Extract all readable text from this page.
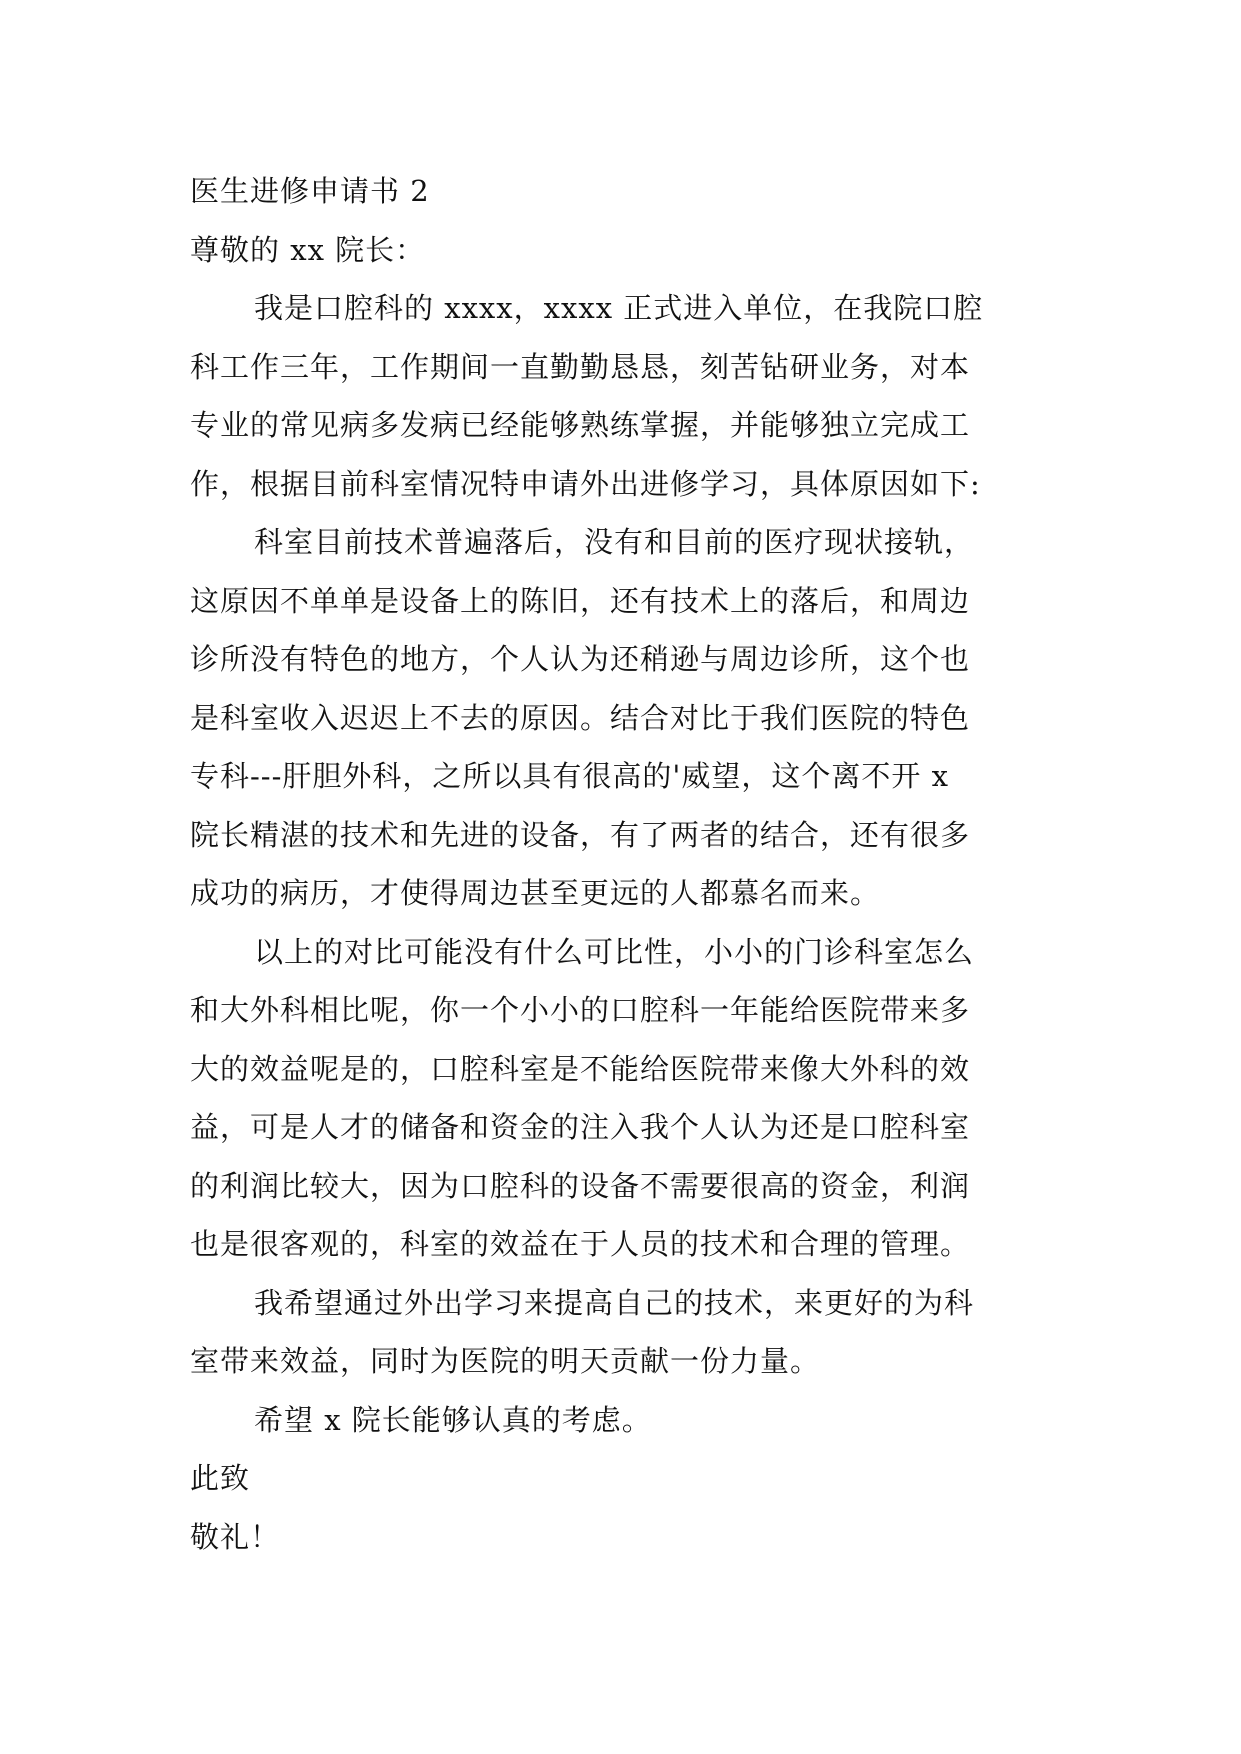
医生进修申请书 2
尊敬的 xx 院长：
我是口腔科的 xxxx，xxxx 正式进入单位，在我院口腔
科工作三年，工作期间一直勤勤恳恳，刻苦钻研业务，对本
专业的常见病多发病已经能够熟练掌握，并能够独立完成工
作，根据目前科室情况特申请外出进修学习，具体原因如下:
科室目前技术普遍落后，没有和目前的医疗现状接轨，
这原因不单单是设备上的陈旧，还有技术上的落后，和周边
诊所没有特色的地方，个人认为还稍逊与周边诊所，这个也
是科室收入迟迟上不去的原因。结合对比于我们医院的特色
专科---肝胆外科，之所以具有很高的'威望，这个离不开 x
院长精湛的技术和先进的设备，有了两者的结合，还有很多
成功的病历，才使得周边甚至更远的人都慕名而来。
以上的对比可能没有什么可比性，小小的门诊科室怎么
和大外科相比呢，你一个小小的口腔科一年能给医院带来多
大的效益呢是的，口腔科室是不能给医院带来像大外科的效
益，可是人才的储备和资金的注入我个人认为还是口腔科室
的利润比较大，因为口腔科的设备不需要很高的资金，利润
也是很客观的，科室的效益在于人员的技术和合理的管理。
我希望通过外出学习来提高自己的技术，来更好的为科
室带来效益，同时为医院的明天贡献一份力量。
希望 x 院长能够认真的考虑。
此致
敬礼！
